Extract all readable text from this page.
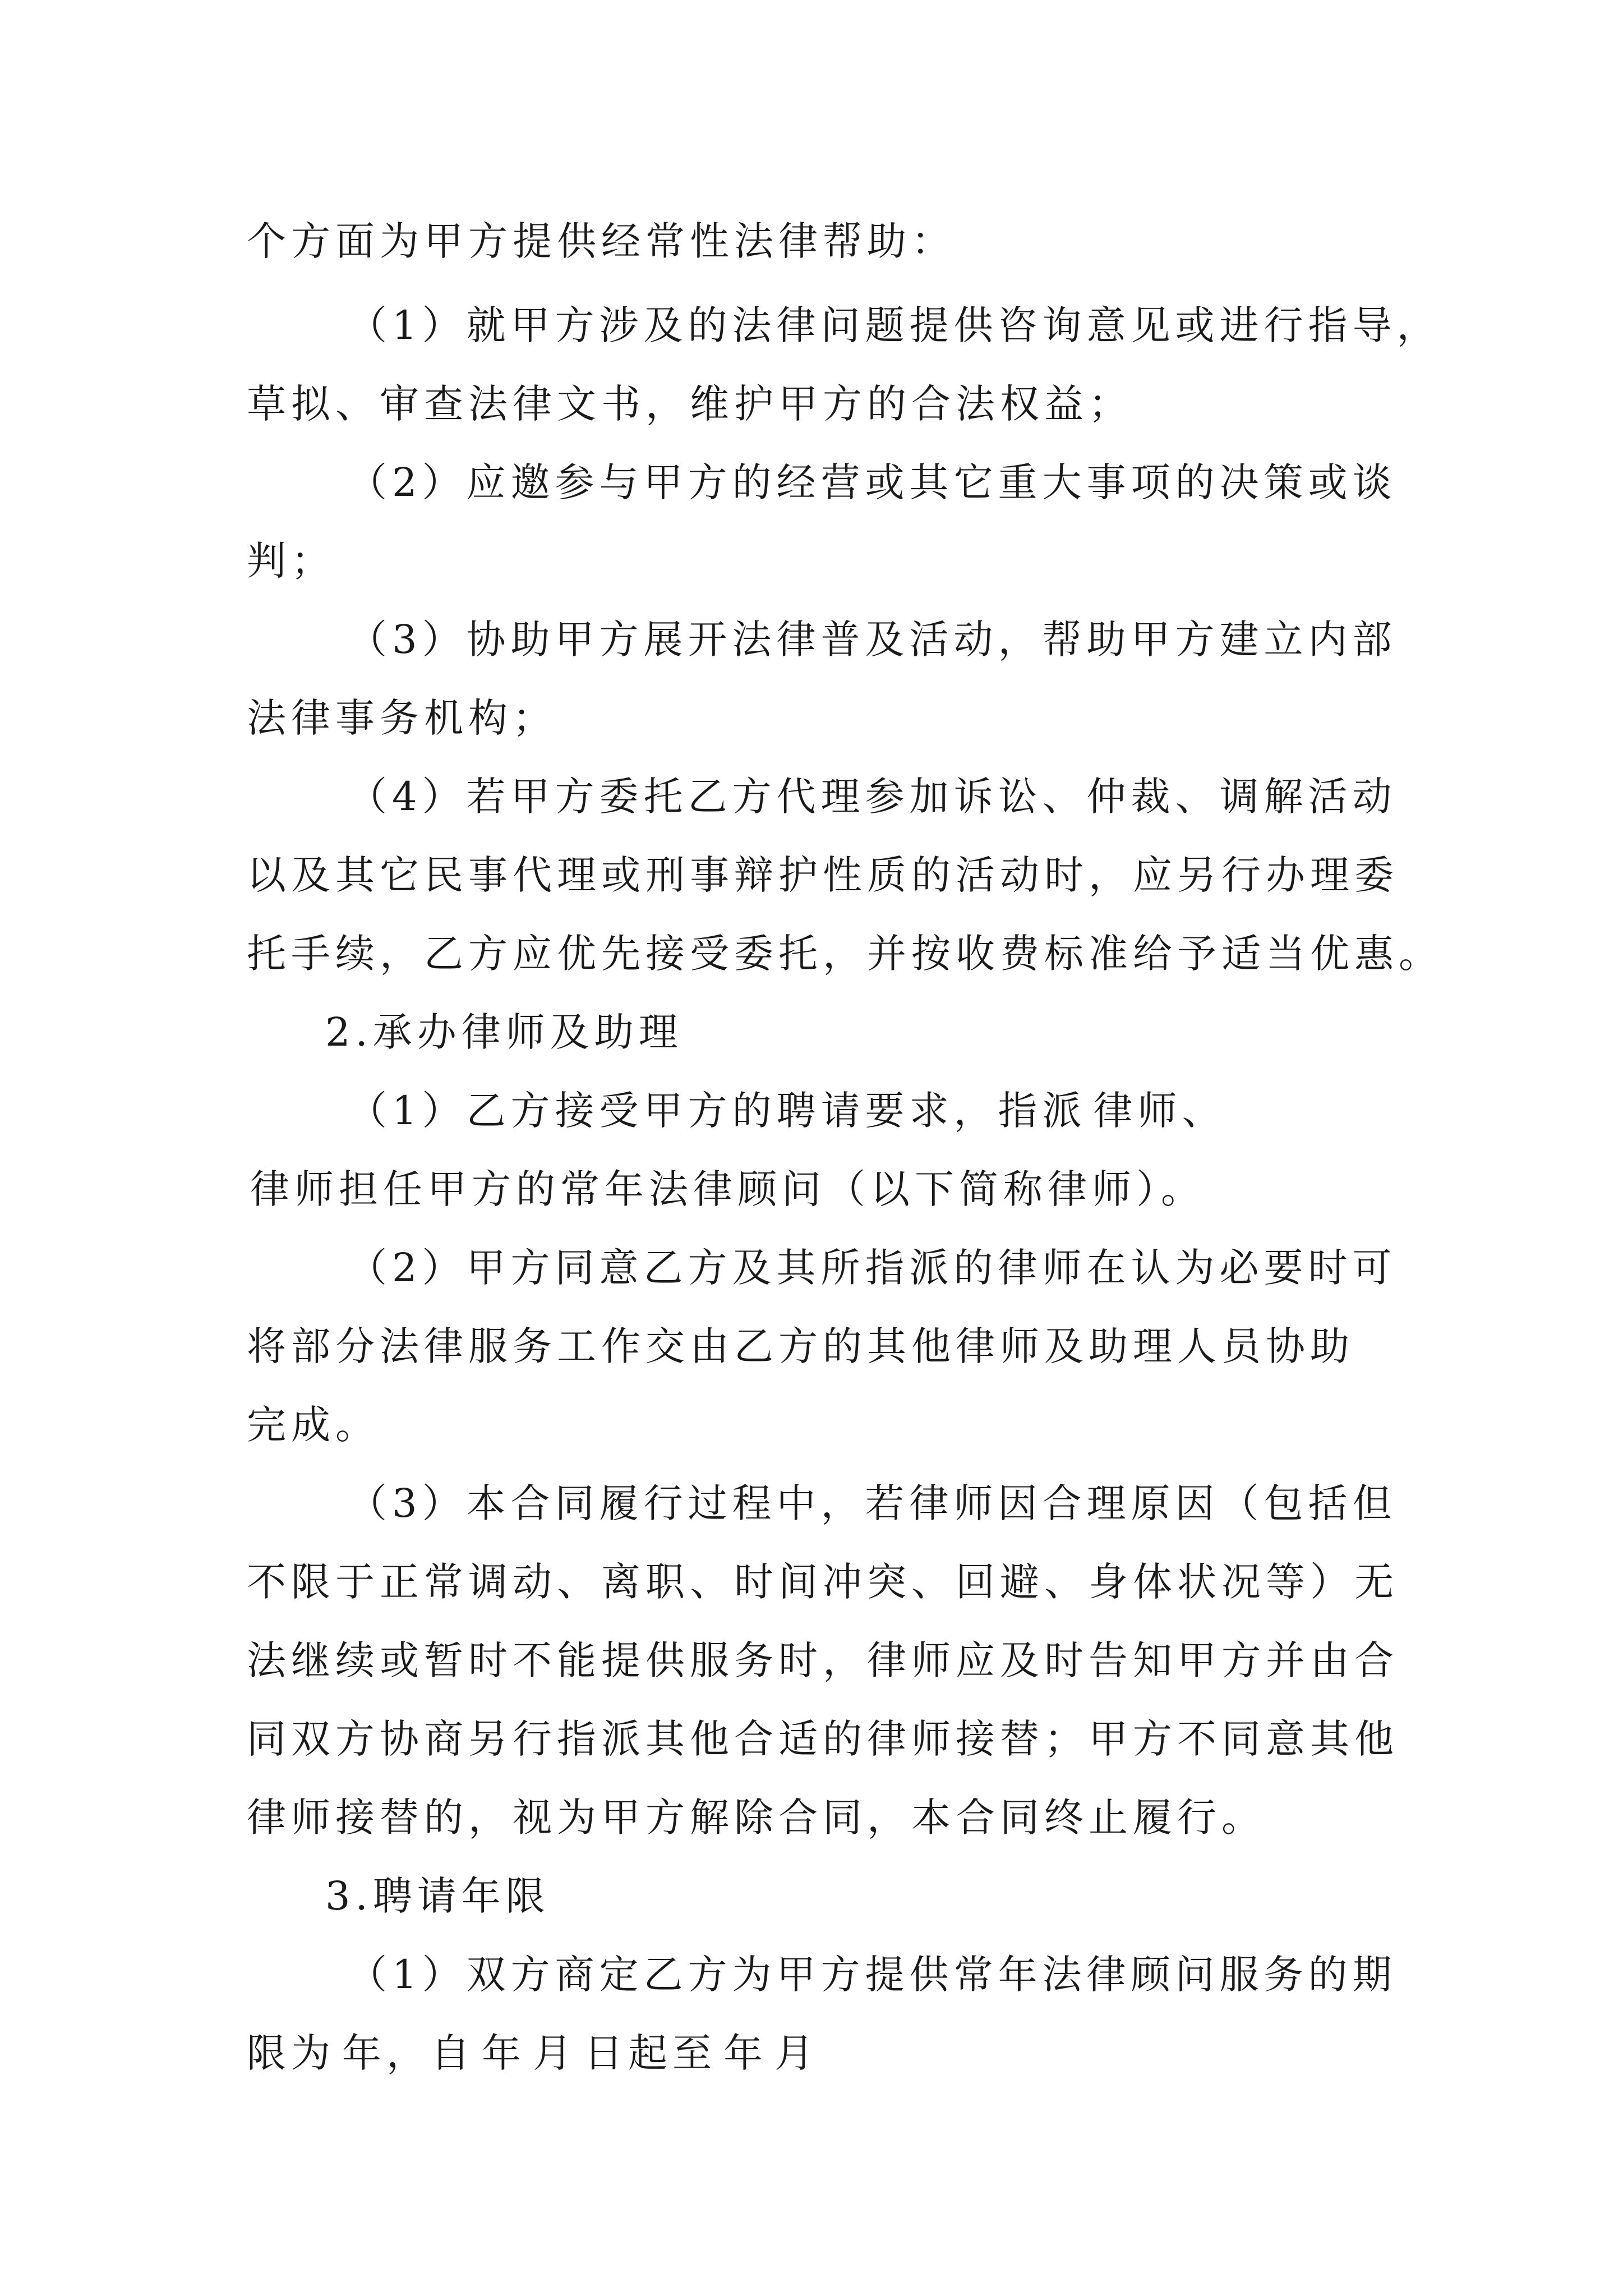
个方面为甲方提供经常性法律帮助：
（1）就甲方涉及的法律问题提供咨询意见或进行指导，
草拟、审查法律文书，维护甲方的合法权益；
（2）应邀参与甲方的经营或其它重大事项的决策或谈
判；
（3）协助甲方展开法律普及活动，帮助甲方建立内部
法律事务机构；
（4）若甲方委托乙方代理参加诉讼、仲裁、调解活动
以及其它民事代理或刑事辩护性质的活动时，应另行办理委
托手续，乙方应优先接受委托，并按收费标准给予适当优惠。
2.承办律师及助理
（1）乙方接受甲方的聘请要求，指派 律师、
律师担任甲方的常年法律顾问（以下简称律师）。
（2）甲方同意乙方及其所指派的律师在认为必要时可
将部分法律服务工作交由乙方的其他律师及助理人员协助
完成。
（3）本合同履行过程中，若律师因合理原因（包括但
不限于正常调动、离职、时间冲突、回避、身体状况等）无
法继续或暂时不能提供服务时，律师应及时告知甲方并由合
同双方协商另行指派其他合适的律师接替；甲方不同意其他
律师接替的，视为甲方解除合同，本合同终止履行。
3.聘请年限
（1）双方商定乙方为甲方提供常年法律顾问服务的期
限为 年，自 年 月 日起至 年 月
